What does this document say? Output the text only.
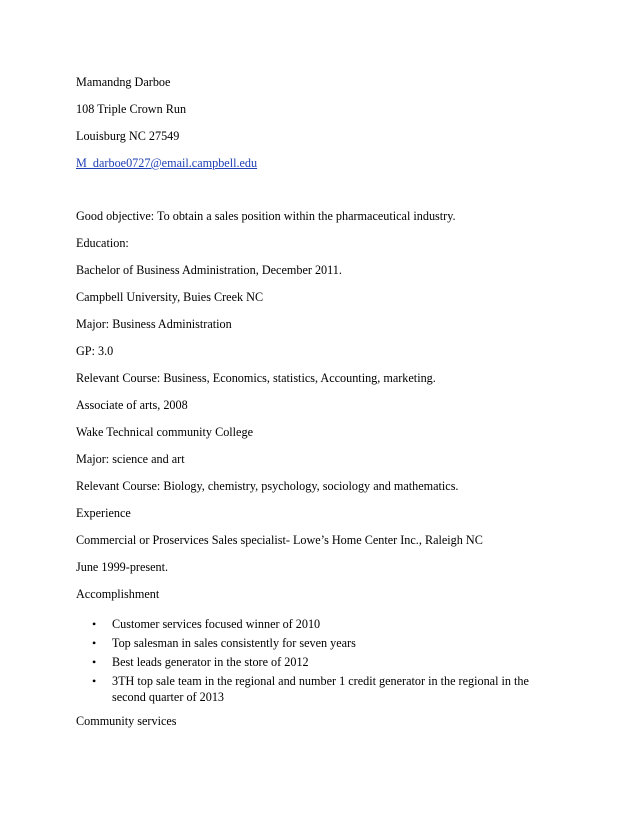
Mamandng Darboe
108 Triple Crown Run
Louisburg NC 27549
M_darboe0727@email.campbell.edu
Good objective: To obtain a sales position within the pharmaceutical industry.
Education:
Bachelor of Business Administration, December 2011.
Campbell University, Buies Creek NC
Major: Business Administration
GP: 3.0
Relevant Course: Business, Economics, statistics, Accounting, marketing.
Associate of arts, 2008
Wake Technical community College
Major: science and art
Relevant Course: Biology, chemistry, psychology, sociology and mathematics.
Experience
Commercial or Proservices Sales specialist- Lowe’s Home Center Inc., Raleigh NC
June 1999-present.
Accomplishment
• Customer services focused winner of 2010
• Top salesman in sales consistently for seven years
• Best leads generator in the store of 2012
• 3TH top sale team in the regional and number 1 credit generator in the regional in the second quarter of 2013
Community services
